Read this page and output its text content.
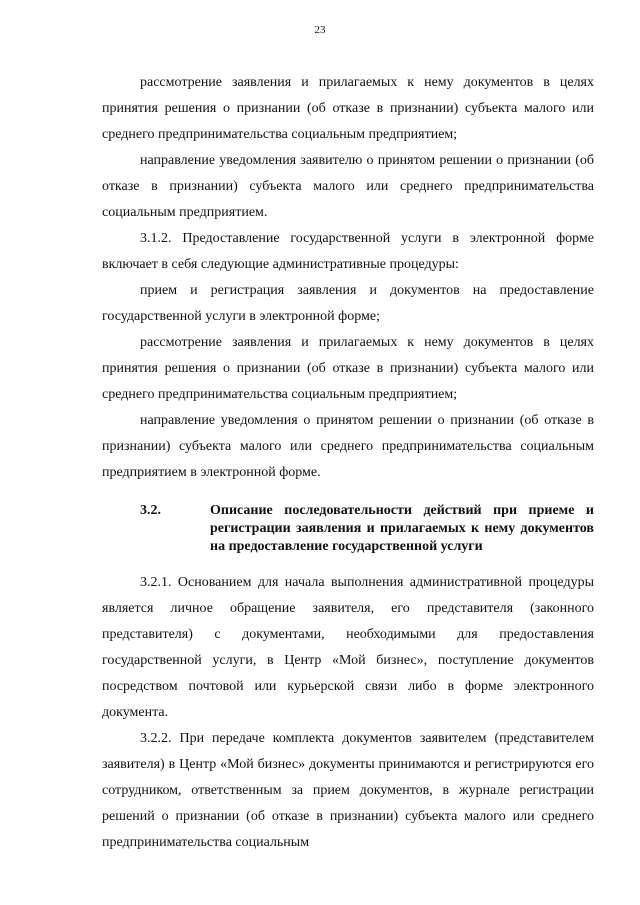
23

рассмотрение заявления и прилагаемых к нему документов в целях принятия решения о признании (об отказе в признании) субъекта малого или среднего предпринимательства социальным предприятием;

направление уведомления заявителю о принятом решении о признании (об отказе в признании) субъекта малого или среднего предпринимательства социальным предприятием.

3.1.2. Предоставление государственной услуги в электронной форме включает в себя следующие административные процедуры:

прием и регистрация заявления и документов на предоставление государственной услуги в электронной форме;

рассмотрение заявления и прилагаемых к нему документов в целях принятия решения о признании (об отказе в признании) субъекта малого или среднего предпринимательства социальным предприятием;

направление уведомления о принятом решении о признании (об отказе в признании) субъекта малого или среднего предпринимательства социальным предприятием в электронной форме.

3.2.	Описание последовательности действий при приеме и регистрации заявления и прилагаемых к нему документов на предоставление государственной услуги

3.2.1. Основанием для начала выполнения административной процедуры является личное обращение заявителя, его представителя (законного представителя) с документами, необходимыми для предоставления государственной услуги, в Центр «Мой бизнес», поступление документов посредством почтовой или курьерской связи либо в форме электронного документа.

3.2.2. При передаче комплекта документов заявителем (представителем заявителя) в Центр «Мой бизнес» документы принимаются и регистрируются его сотрудником, ответственным за прием документов, в журнале регистрации решений о признании (об отказе в признании) субъекта малого или среднего предпринимательства социальным
